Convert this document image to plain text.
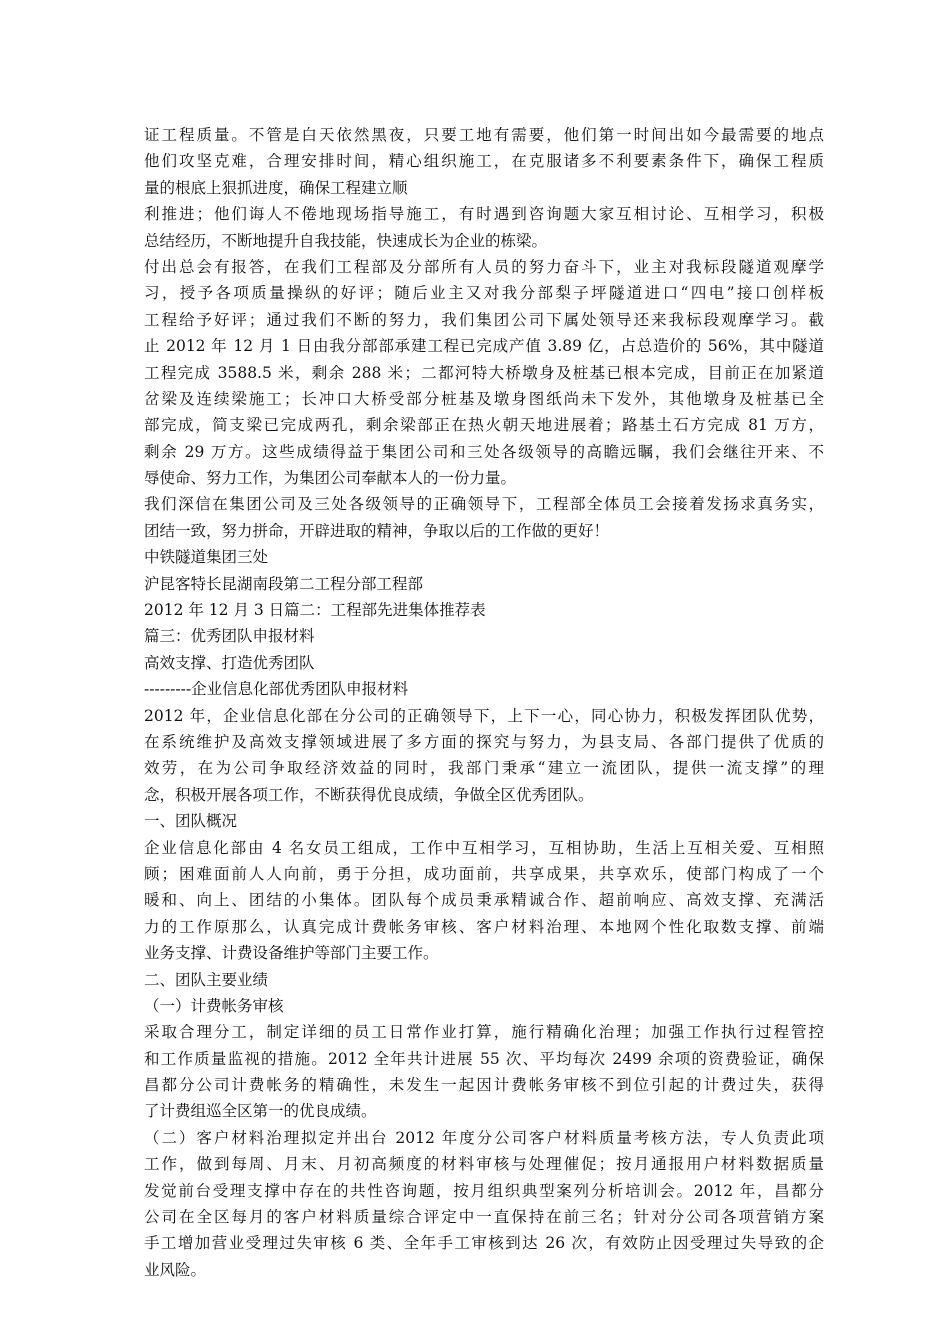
证工程质量。不管是白天依然黑夜，只要工地有需要，他们第一时间出如今最需要的地点
他们攻坚克难，合理安排时间，精心组织施工，在克服诸多不利要素条件下，确保工程质
量的根底上狠抓进度，确保工程建立顺
利推进；他们诲人不倦地现场指导施工，有时遇到咨询题大家互相讨论、互相学习，积极
总结经历，不断地提升自我技能，快速成长为企业的栋梁。
付出总会有报答，在我们工程部及分部所有人员的努力奋斗下，业主对我标段隧道观摩学
习，授予各项质量操纵的好评；随后业主又对我分部梨子坪隧道进口“四电”接口创样板
工程给予好评；通过我们不断的努力，我们集团公司下属处领导还来我标段观摩学习。截
止 2012 年 12 月 1 日由我分部部承建工程已完成产值 3.89 亿，占总造价的 56%，其中隧道
工程完成 3588.5 米，剩余 288 米；二都河特大桥墩身及桩基已根本完成，目前正在加紧道
岔梁及连续梁施工；长冲口大桥受部分桩基及墩身图纸尚未下发外，其他墩身及桩基已全
部完成，简支梁已完成两孔，剩余梁部正在热火朝天地进展着；路基土石方完成 81 万方，
剩余 29 万方。这些成绩得益于集团公司和三处各级领导的高瞻远瞩，我们会继往开来、不
辱使命、努力工作，为集团公司奉献本人的一份力量。
我们深信在集团公司及三处各级领导的正确领导下，工程部全体员工会接着发扬求真务实，
团结一致，努力拼命，开辟进取的精神，争取以后的工作做的更好！
中铁隧道集团三处
沪昆客特长昆湖南段第二工程分部工程部
2012 年 12 月 3 日篇二：工程部先进集体推荐表
篇三：优秀团队申报材料
高效支撑、打造优秀团队
---------企业信息化部优秀团队申报材料
2012 年，企业信息化部在分公司的正确领导下，上下一心，同心协力，积极发挥团队优势，
在系统维护及高效支撑领域进展了多方面的探究与努力，为县支局、各部门提供了优质的
效劳，在为公司争取经济效益的同时，我部门秉承“建立一流团队，提供一流支撑”的理
念，积极开展各项工作，不断获得优良成绩，争做全区优秀团队。
一、团队概况
企业信息化部由 4 名女员工组成，工作中互相学习，互相协助，生活上互相关爱、互相照
顾；困难面前人人向前，勇于分担，成功面前，共享成果，共享欢乐，使部门构成了一个
暖和、向上、团结的小集体。团队每个成员秉承精诚合作、超前响应、高效支撑、充满活
力的工作原那么，认真完成计费帐务审核、客户材料治理、本地网个性化取数支撑、前端
业务支撑、计费设备维护等部门主要工作。
二、团队主要业绩
（一）计费帐务审核
采取合理分工，制定详细的员工日常作业打算，施行精确化治理；加强工作执行过程管控
和工作质量监视的措施。2012 全年共计进展 55 次、平均每次 2499 余项的资费验证，确保
昌都分公司计费帐务的精确性，未发生一起因计费帐务审核不到位引起的计费过失，获得
了计费组巡全区第一的优良成绩。
（二）客户材料治理拟定并出台 2012 年度分公司客户材料质量考核方法，专人负责此项
工作，做到每周、月末、月初高频度的材料审核与处理催促；按月通报用户材料数据质量
发觉前台受理支撑中存在的共性咨询题，按月组织典型案列分析培训会。2012 年，昌都分
公司在全区每月的客户材料质量综合评定中一直保持在前三名；针对分公司各项营销方案
手工增加营业受理过失审核 6 类、全年手工审核到达 26 次，有效防止因受理过失导致的企
业风险。
